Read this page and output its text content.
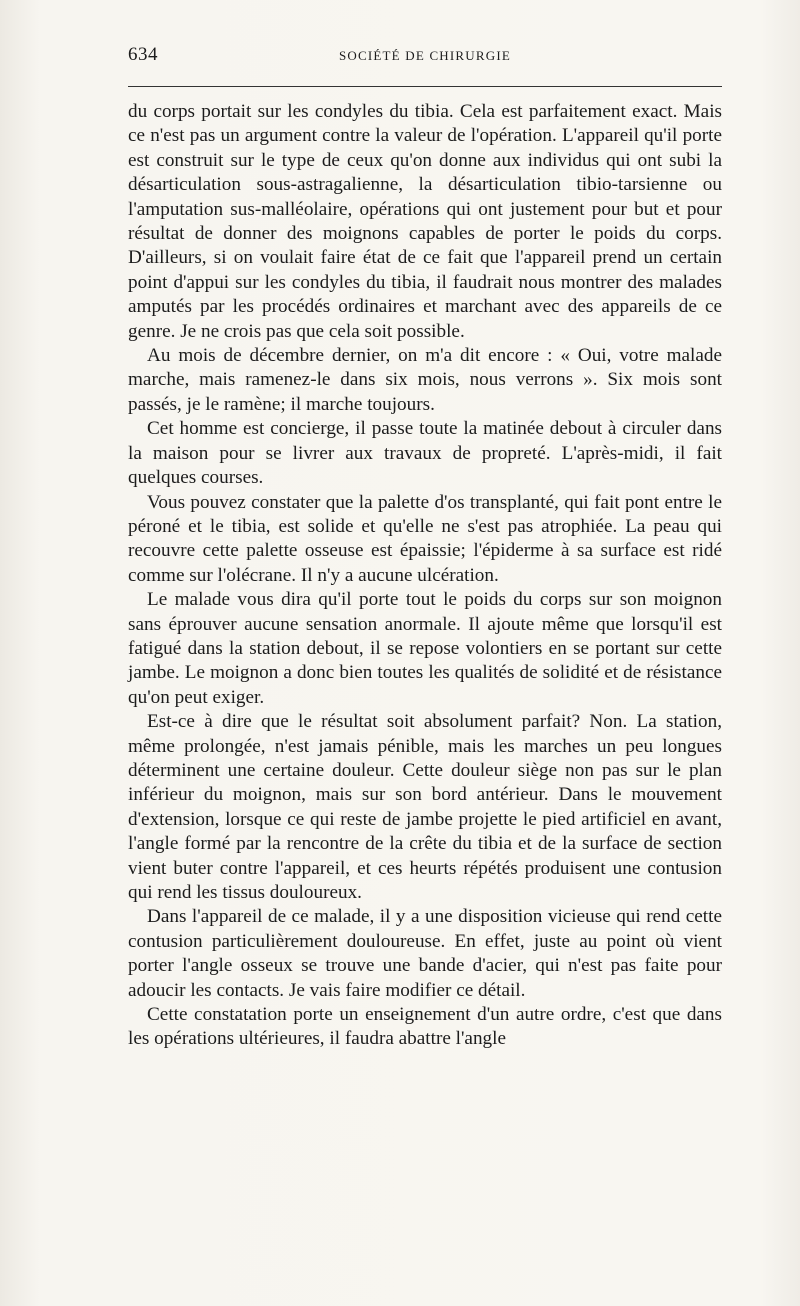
634	SOCIÉTÉ DE CHIRURGIE

du corps portait sur les condyles du tibia. Cela est parfaitement exact. Mais ce n'est pas un argument contre la valeur de l'opération. L'appareil qu'il porte est construit sur le type de ceux qu'on donne aux individus qui ont subi la désarticulation sous-astragalienne, la désarticulation tibio-tarsienne ou l'amputation sus-malléolaire, opérations qui ont justement pour but et pour résultat de donner des moignons capables de porter le poids du corps. D'ailleurs, si on voulait faire état de ce fait que l'appareil prend un certain point d'appui sur les condyles du tibia, il faudrait nous montrer des malades amputés par les procédés ordinaires et marchant avec des appareils de ce genre. Je ne crois pas que cela soit possible.

Au mois de décembre dernier, on m'a dit encore : « Oui, votre malade marche, mais ramenez-le dans six mois, nous verrons ». Six mois sont passés, je le ramène; il marche toujours.

Cet homme est concierge, il passe toute la matinée debout à circuler dans la maison pour se livrer aux travaux de propreté. L'après-midi, il fait quelques courses.

Vous pouvez constater que la palette d'os transplanté, qui fait pont entre le péroné et le tibia, est solide et qu'elle ne s'est pas atrophiée. La peau qui recouvre cette palette osseuse est épaissie; l'épiderme à sa surface est ridé comme sur l'olécrane. Il n'y a aucune ulcération.

Le malade vous dira qu'il porte tout le poids du corps sur son moignon sans éprouver aucune sensation anormale. Il ajoute même que lorsqu'il est fatigué dans la station debout, il se repose volontiers en se portant sur cette jambe. Le moignon a donc bien toutes les qualités de solidité et de résistance qu'on peut exiger.

Est-ce à dire que le résultat soit absolument parfait? Non. La station, même prolongée, n'est jamais pénible, mais les marches un peu longues déterminent une certaine douleur. Cette douleur siège non pas sur le plan inférieur du moignon, mais sur son bord antérieur. Dans le mouvement d'extension, lorsque ce qui reste de jambe projette le pied artificiel en avant, l'angle formé par la rencontre de la crête du tibia et de la surface de section vient buter contre l'appareil, et ces heurts répétés produisent une contusion qui rend les tissus douloureux.

Dans l'appareil de ce malade, il y a une disposition vicieuse qui rend cette contusion particulièrement douloureuse. En effet, juste au point où vient porter l'angle osseux se trouve une bande d'acier, qui n'est pas faite pour adoucir les contacts. Je vais faire modifier ce détail.

Cette constatation porte un enseignement d'un autre ordre, c'est que dans les opérations ultérieures, il faudra abattre l'angle
